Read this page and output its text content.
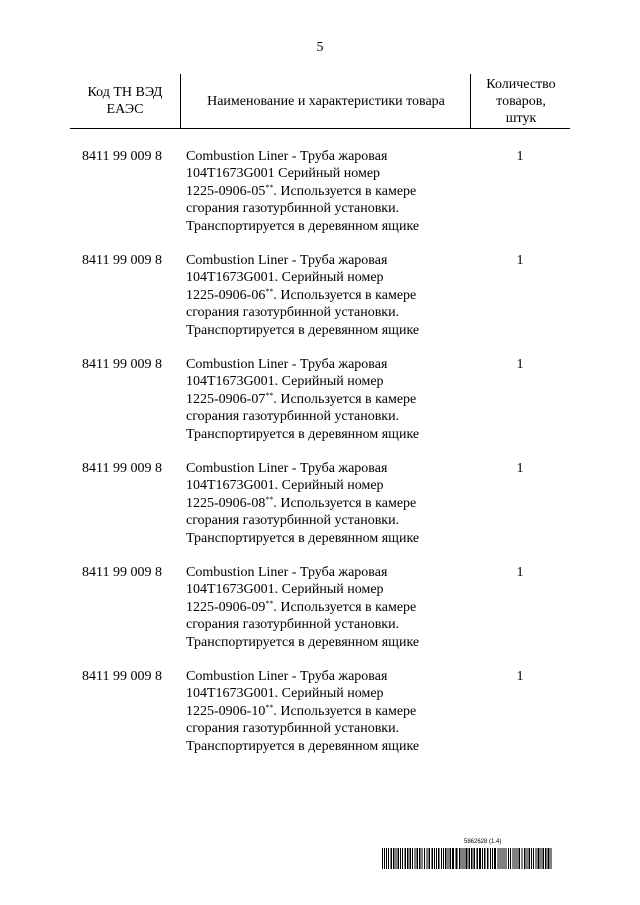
5
Код ТН ВЭД
ЕАЭС
Наименование и характеристики товара
Количество
товаров,
штук
8411 99 009 8 Combustion Liner - Труба жаровая
104T1673G001 Серийный номер
1225-0906-05**. Используется в камере
сгорания газотурбинной установки.
Транспортируется в деревянном ящике
1
8411 99 009 8 Combustion Liner - Труба жаровая
104T1673G001. Серийный номер
1225-0906-06**. Используется в камере
сгорания газотурбинной установки.
Транспортируется в деревянном ящике
1
8411 99 009 8 Combustion Liner - Труба жаровая
104T1673G001. Серийный номер
1225-0906-07**. Используется в камере
сгорания газотурбинной установки.
Транспортируется в деревянном ящике
1
8411 99 009 8 Combustion Liner - Труба жаровая
104T1673G001. Серийный номер
1225-0906-08**. Используется в камере
сгорания газотурбинной установки.
Транспортируется в деревянном ящике
1
8411 99 009 8 Combustion Liner - Труба жаровая
104T1673G001. Серийный номер
1225-0906-09**. Используется в камере
сгорания газотурбинной установки.
Транспортируется в деревянном ящике
1
8411 99 009 8 Combustion Liner - Труба жаровая
104T1673G001. Серийный номер
1225-0906-10**. Используется в камере
сгорания газотурбинной установки.
Транспортируется в деревянном ящике
1
5862628 (1.4)
